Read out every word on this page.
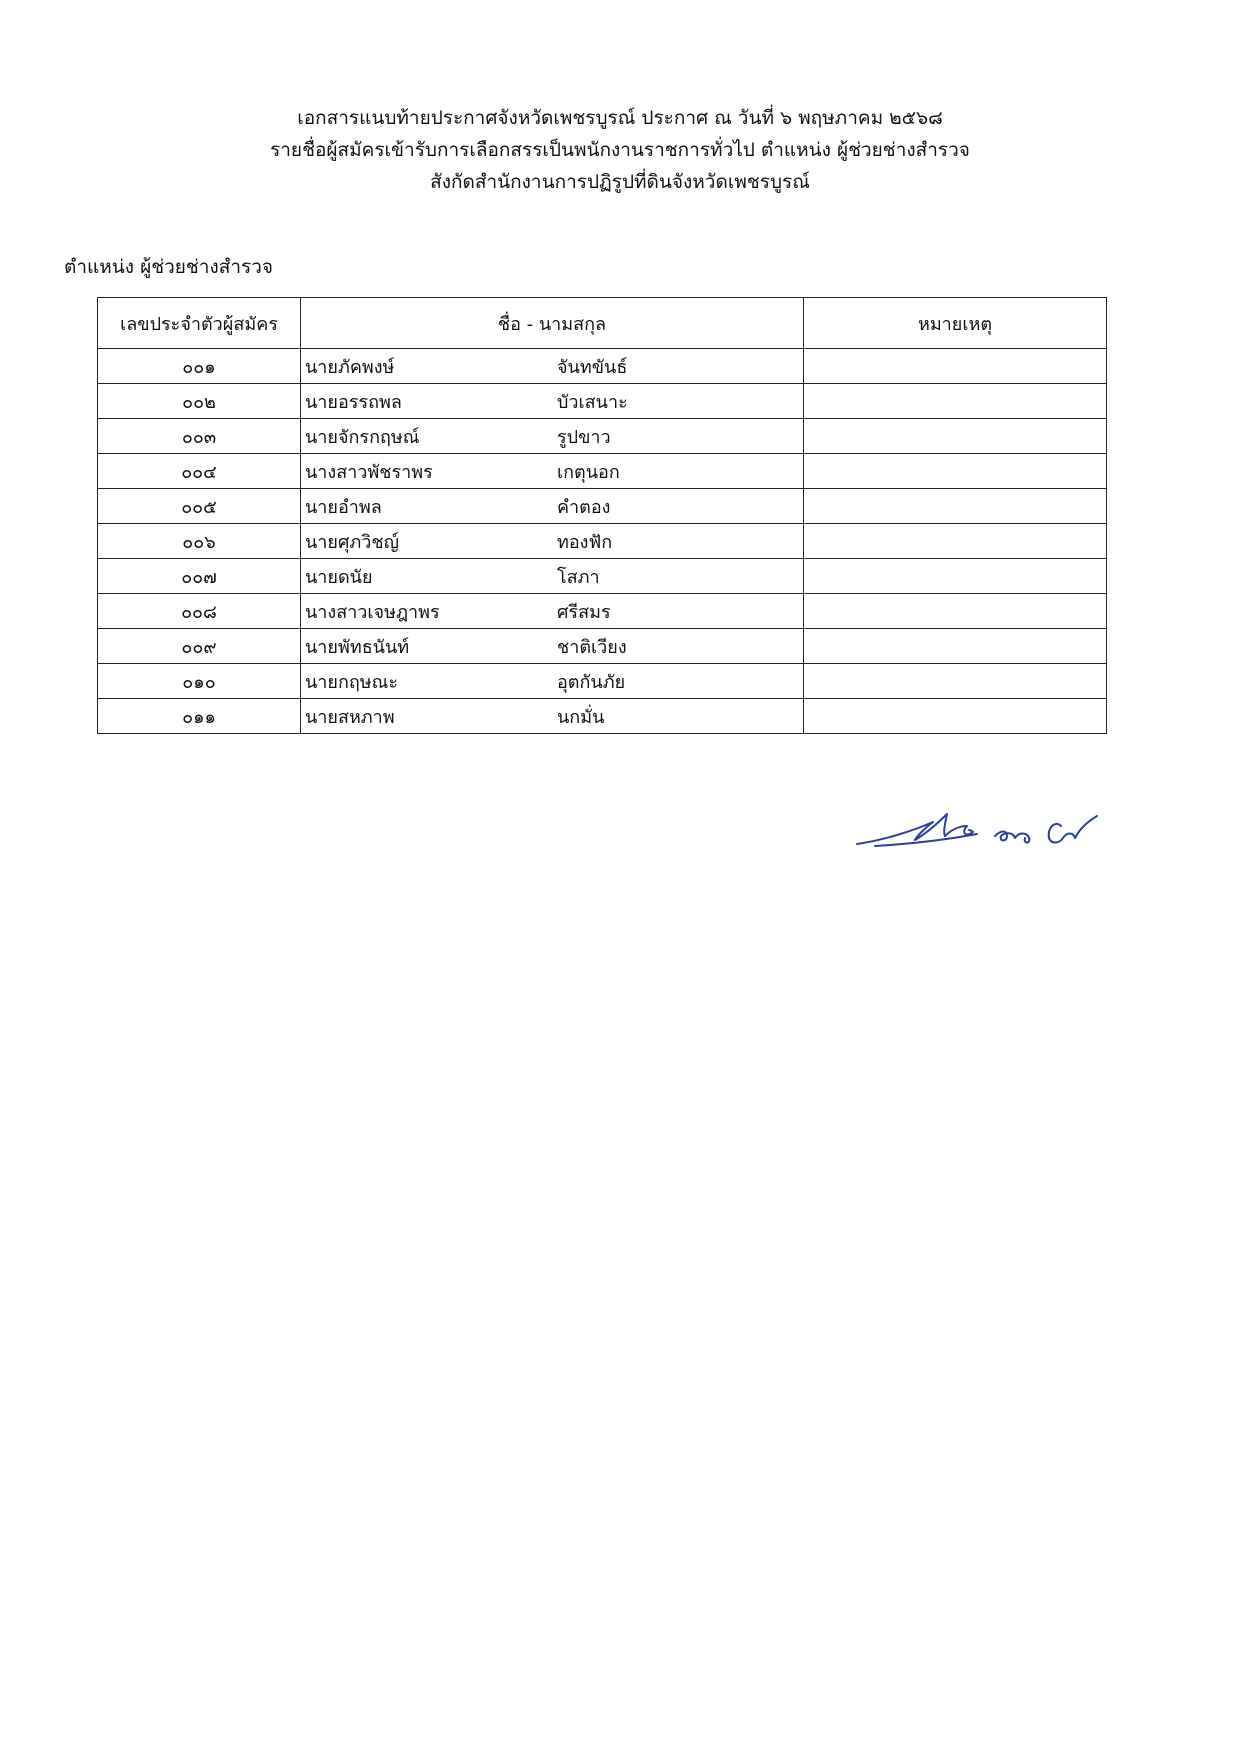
เอกสารแนบท้ายประกาศจังหวัดเพชรบูรณ์ ประกาศ ณ วันที่ ๖ พฤษภาคม ๒๕๖๘
รายชื่อผู้สมัครเข้ารับการเลือกสรรเป็นพนักงานราชการทั่วไป ตำแหน่ง ผู้ช่วยช่างสำรวจ
สังกัดสำนักงานการปฏิรูปที่ดินจังหวัดเพชรบูรณ์
ตำแหน่ง ผู้ช่วยช่างสำรวจ
เลขประจำตัวผู้สมัคร	ชื่อ - นามสกุล	หมายเหตุ
๐๐๑	นายภัคพงษ์ จันทขันธ์	

๐๐๒	นายอรรถพล บัวเสนาะ	

๐๐๓	นายจักรกฤษณ์ รูปขาว	

๐๐๔	นางสาวพัชราพร เกตุนอก	

๐๐๕	นายอำพล คำตอง	

๐๐๖	นายศุภวิชญ์ ทองฟัก	

๐๐๗	นายดนัย โสภา	

๐๐๘	นางสาวเจษฎาพร ศรีสมร	

๐๐๙	นายพัทธนันท์ ชาติเวียง	

๐๑๐	นายกฤษณะ อุตกันภัย	

๐๑๑	นายสหภาพ นกมั่น	
